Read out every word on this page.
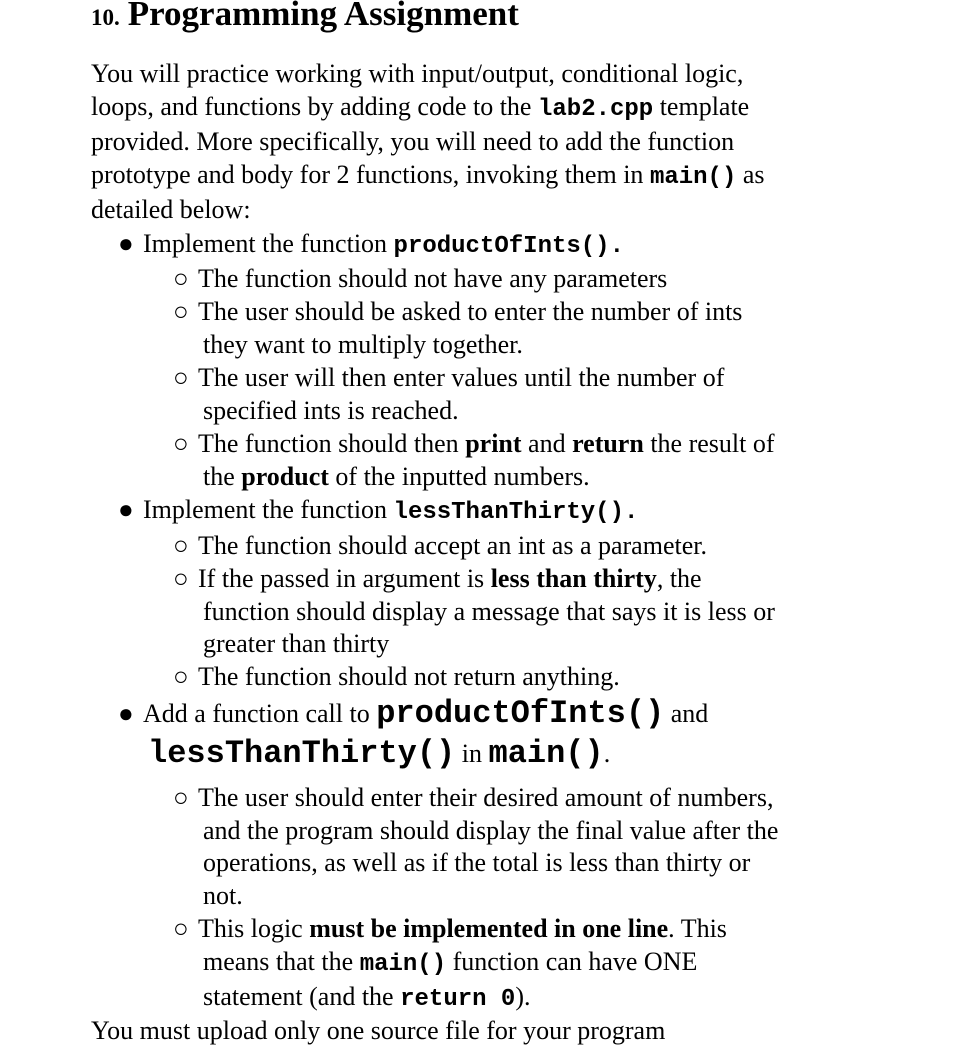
10. Programming Assignment
You will practice working with input/output, conditional logic,
loops, and functions by adding code to the lab2.cpp template
provided. More specifically, you will need to add the function
prototype and body for 2 functions, invoking them in main() as
detailed below:
● Implement the function productOfInts().
○ The function should not have any parameters
○ The user should be asked to enter the number of ints
they want to multiply together.
○ The user will then enter values until the number of
specified ints is reached.
○ The function should then print and return the result of
the product of the inputted numbers.
● Implement the function lessThanThirty().
○ The function should accept an int as a parameter.
○ If the passed in argument is less than thirty, the
function should display a message that says it is less or
greater than thirty
○ The function should not return anything.
● Add a function call to productOfInts() and
lessThanThirty() in main().
○ The user should enter their desired amount of numbers,
and the program should display the final value after the
operations, as well as if the total is less than thirty or
not.
○ This logic must be implemented in one line. This
means that the main() function can have ONE
statement (and the return 0).
You must upload only one source file for your program
